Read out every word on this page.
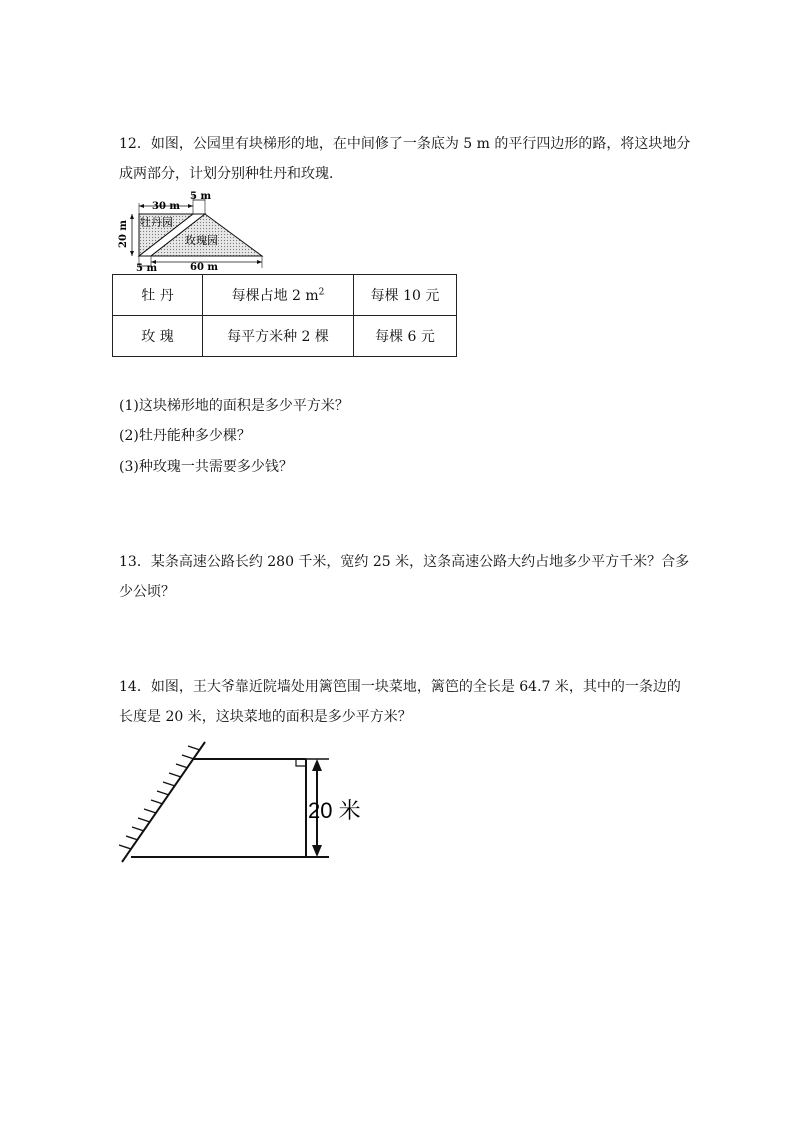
12．如图，公园里有块梯形的地，在中间修了一条底为 5 m 的平行四边形的路，将这块地分
成两部分，计划分别种牡丹和玫瑰．
30 m
5 m
20 m 牡丹园
玫瑰园
5 m	60 m
牡 丹	每棵占地 2 $m^2$	每棵 10 元
玫 瑰	每平方米种 2 棵	每棵 6 元
(1)这块梯形地的面积是多少平方米？
(2)牡丹能种多少棵？
(3)种玫瑰一共需要多少钱？
13．某条高速公路长约 280 千米，宽约 25 米，这条高速公路大约占地多少平方千米？合多
少公顷？
14．如图，王大爷靠近院墙处用篱笆围一块菜地，篱笆的全长是 64.7 米，其中的一条边的
长度是 20 米，这块菜地的面积是多少平方米？
20 米
